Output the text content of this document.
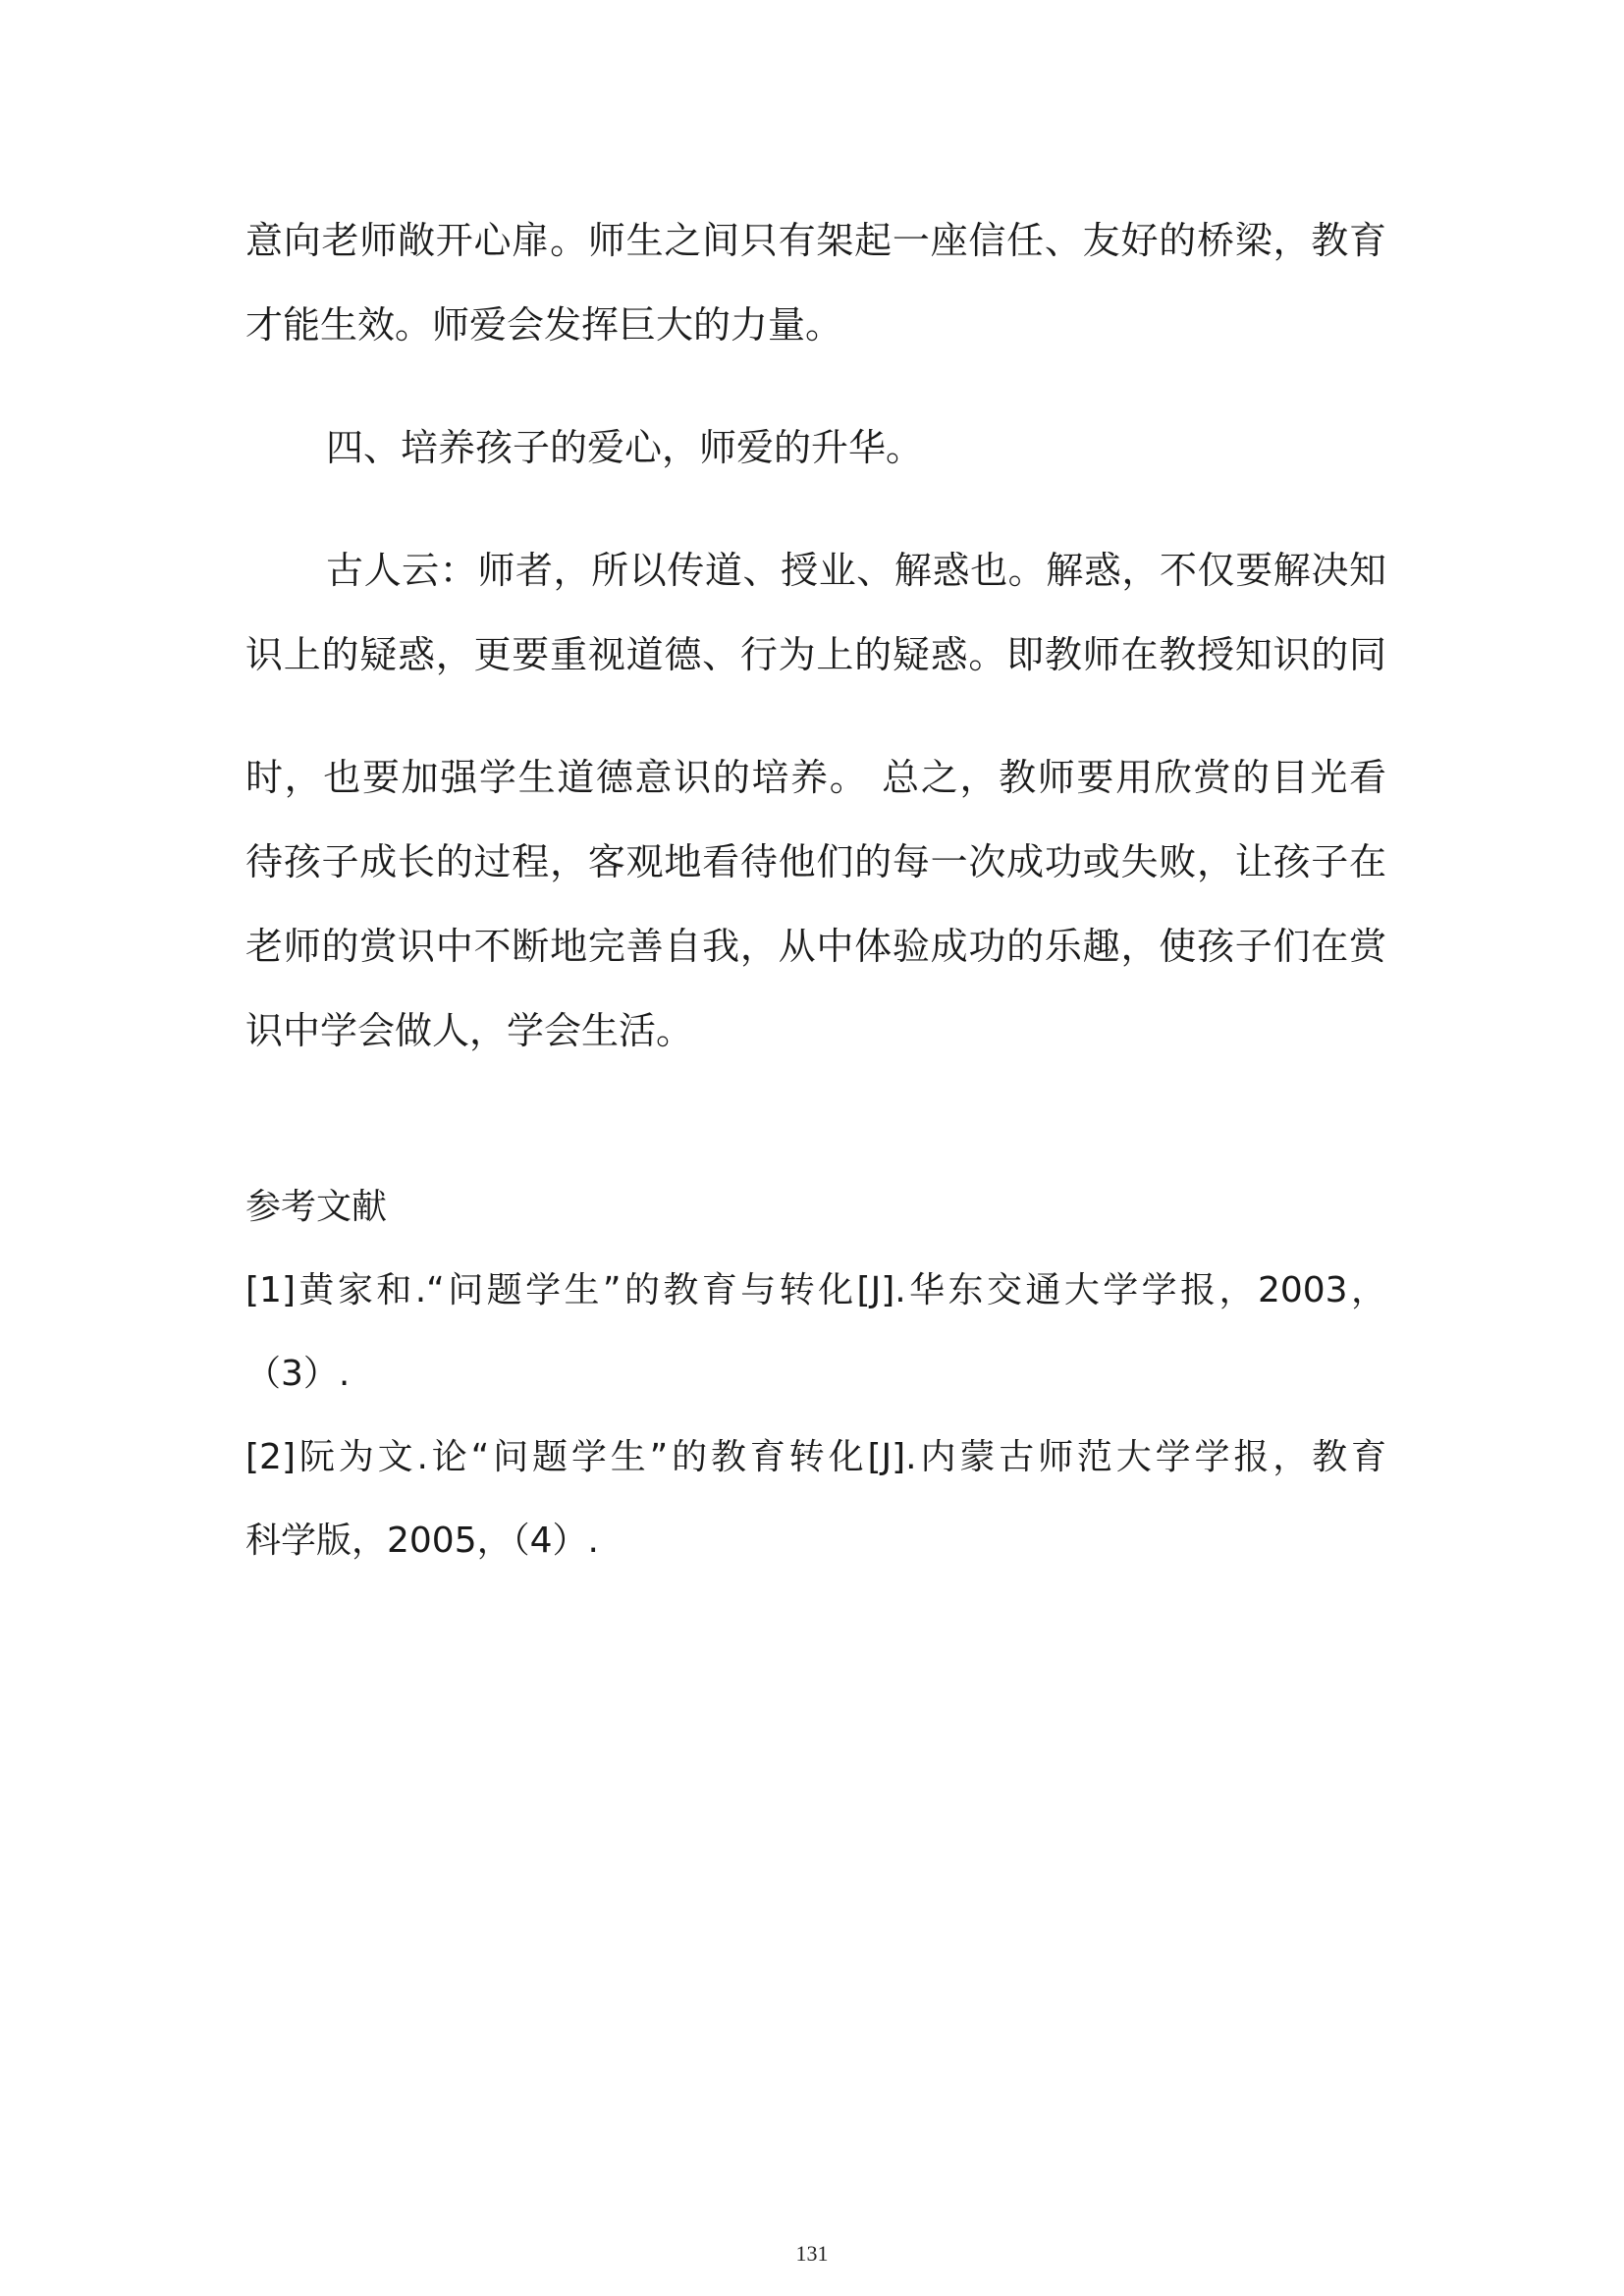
意向老师敞开心扉。师生之间只有架起一座信任、友好的桥梁，教育
才能生效。师爱会发挥巨大的力量。
四、培养孩子的爱心，师爱的升华。
古人云：师者，所以传道、授业、解惑也。解惑，不仅要解决知
识上的疑惑，更要重视道德、行为上的疑惑。即教师在教授知识的同
时，也要加强学生道德意识的培养。 总之，教师要用欣赏的目光看
待孩子成长的过程，客观地看待他们的每一次成功或失败，让孩子在
老师的赏识中不断地完善自我，从中体验成功的乐趣，使孩子们在赏
识中学会做人，学会生活。
参考文献
[1]黄家和.“问题学生”的教育与转化[J].华东交通大学学报，2003，
（3）.
[2]阮为文.论“问题学生”的教育转化[J].内蒙古师范大学学报，教育
科学版，2005，（4）.
131
